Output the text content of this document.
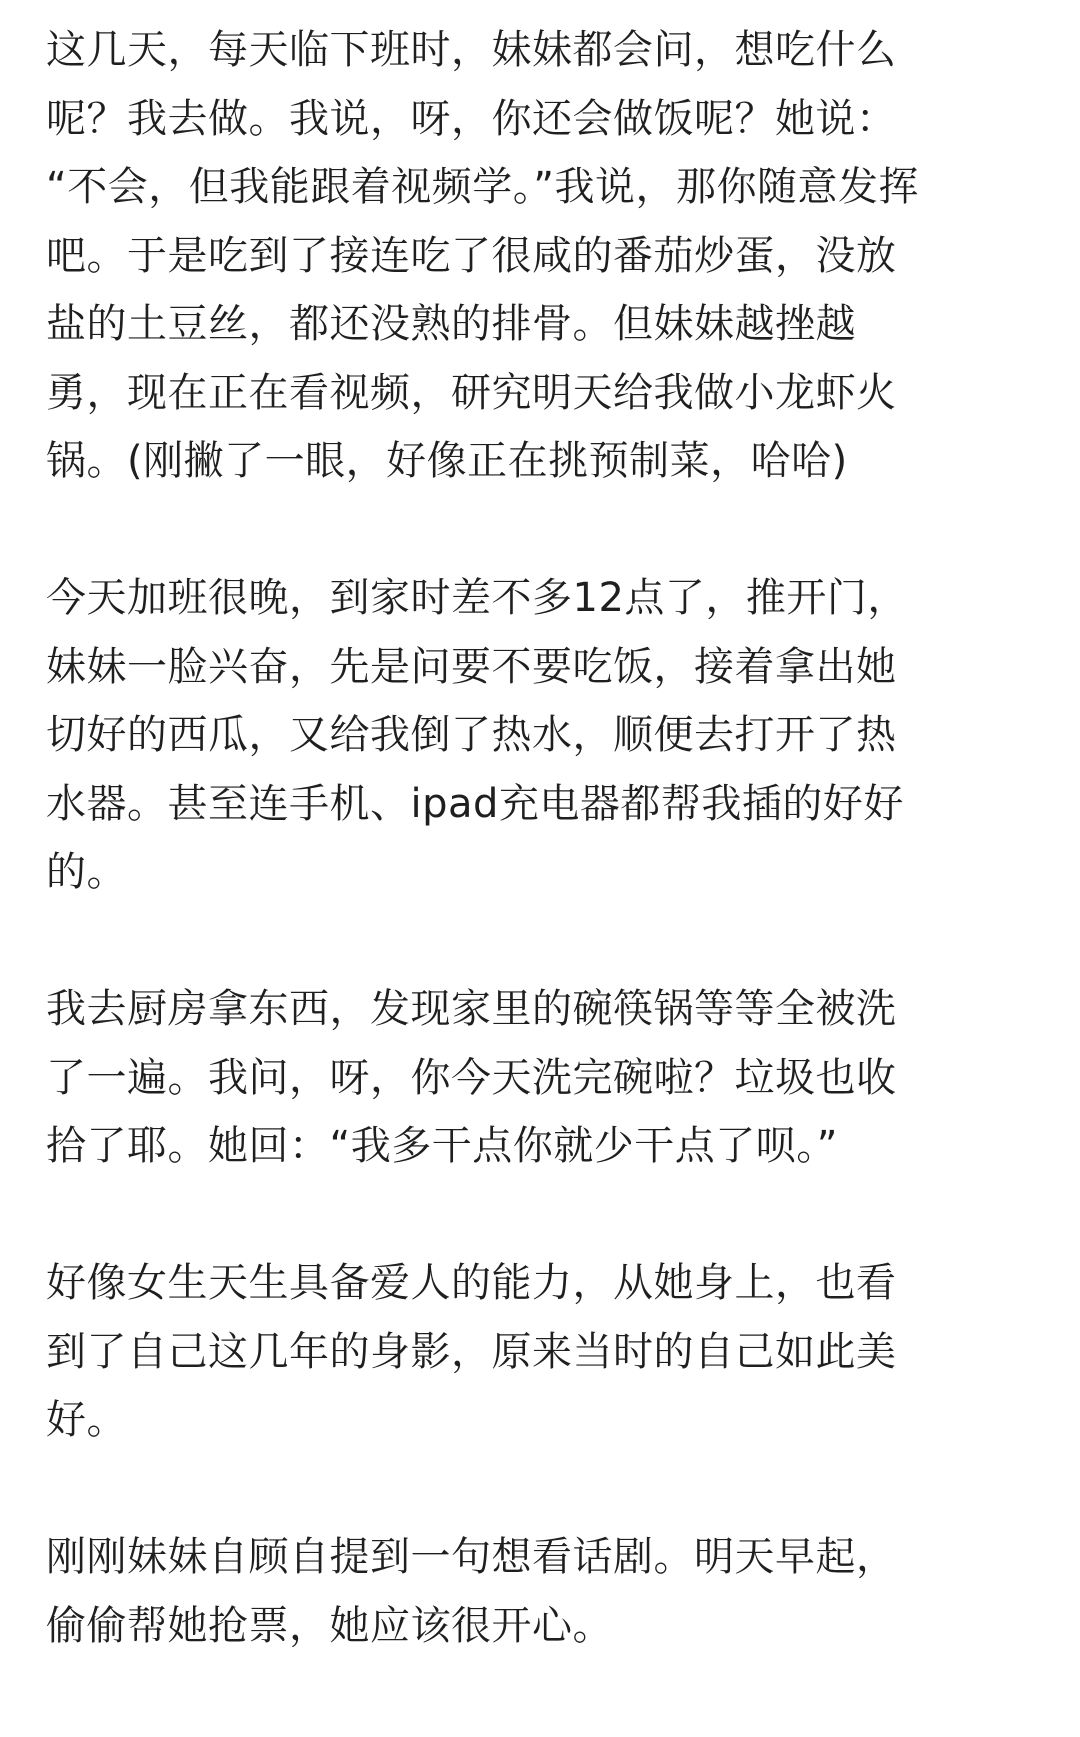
这几天，每天临下班时，妹妹都会问，想吃什么
呢？我去做。我说，呀，你还会做饭呢？她说：
“不会，但我能跟着视频学。”我说，那你随意发挥
吧。于是吃到了接连吃了很咸的番茄炒蛋，没放
盐的土豆丝，都还没熟的排骨。但妹妹越挫越
勇，现在正在看视频，研究明天给我做小龙虾火
锅。(刚撇了一眼，好像正在挑预制菜，哈哈)
今天加班很晚，到家时差不多12点了，推开门，
妹妹一脸兴奋，先是问要不要吃饭，接着拿出她
切好的西瓜，又给我倒了热水，顺便去打开了热
水器。甚至连手机、ipad充电器都帮我插的好好
的。
我去厨房拿东西，发现家里的碗筷锅等等全被洗
了一遍。我问，呀，你今天洗完碗啦？垃圾也收
拾了耶。她回：“我多干点你就少干点了呗。”
好像女生天生具备爱人的能力，从她身上，也看
到了自己这几年的身影，原来当时的自己如此美
好。
刚刚妹妹自顾自提到一句想看话剧。明天早起，
偷偷帮她抢票，她应该很开心。
